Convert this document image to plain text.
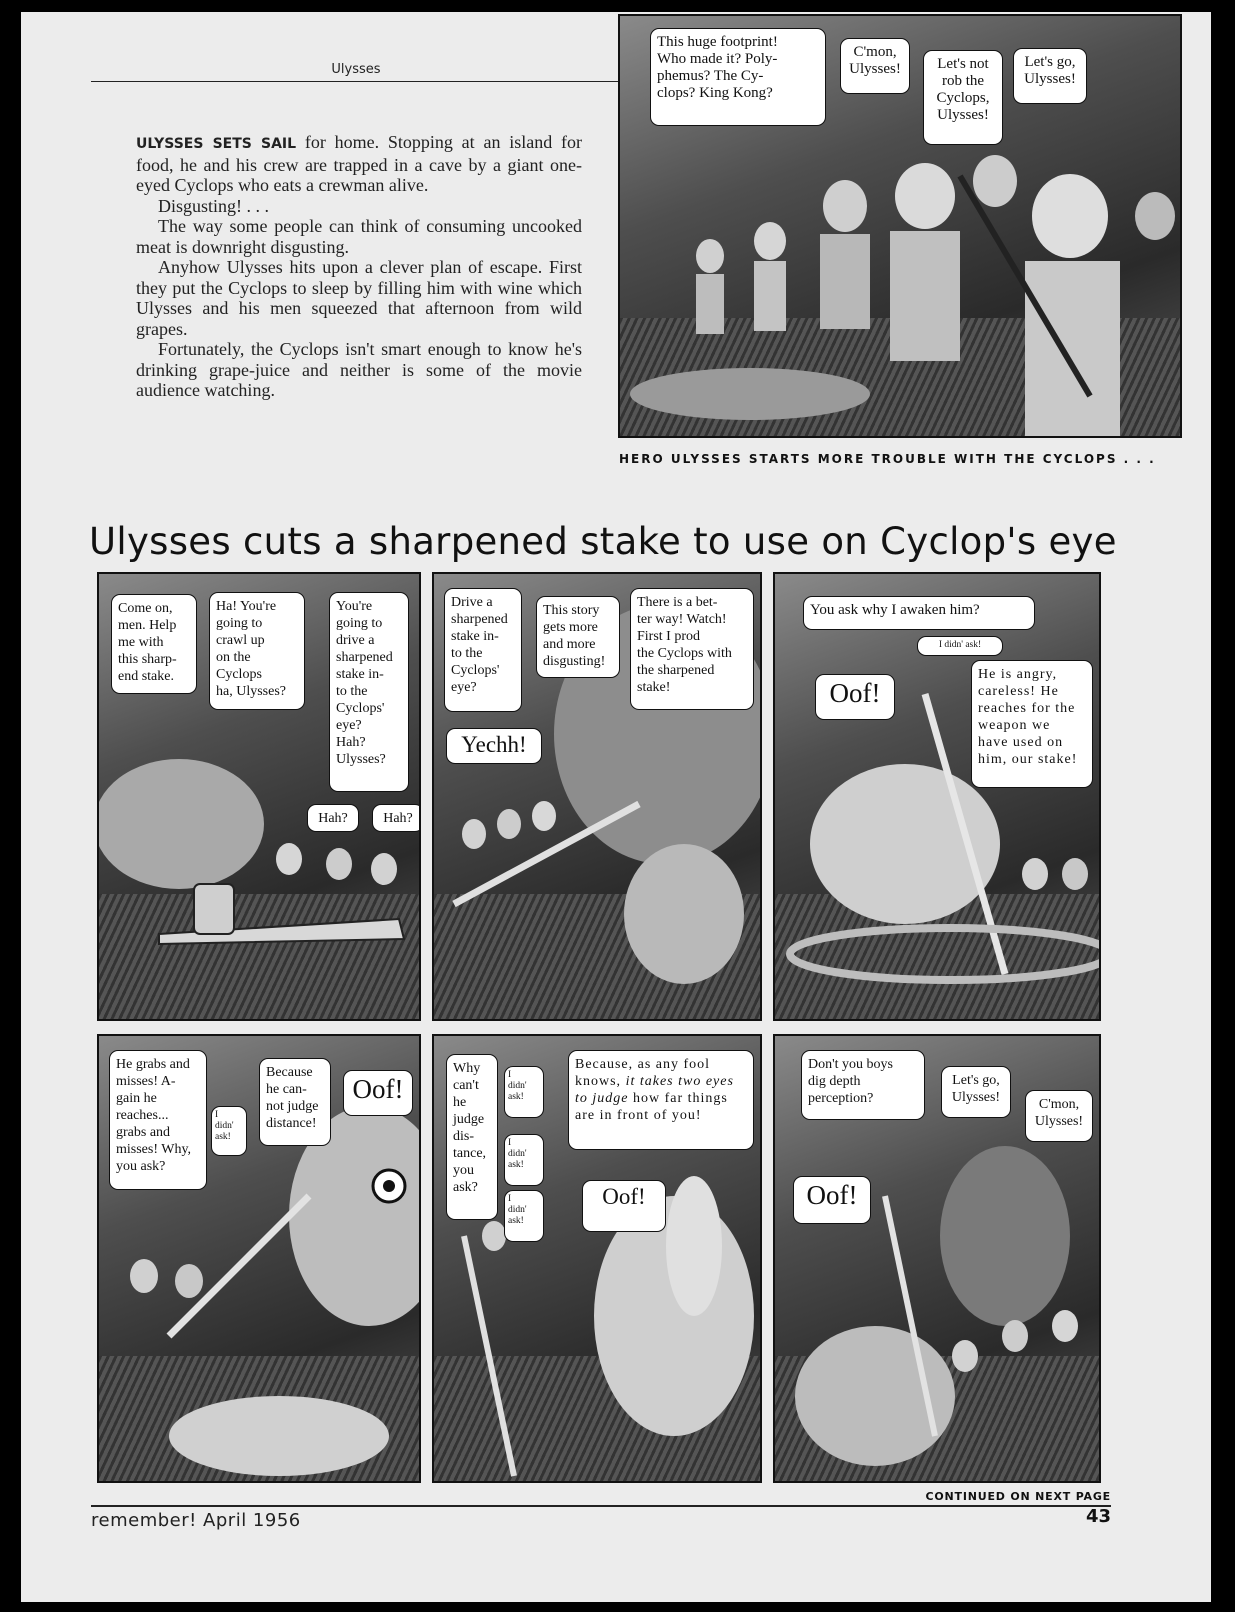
Ulysses

ULYSSES SETS SAIL for home. Stopping at an island for food, he and his crew are trapped in a cave by a giant one-eyed Cyclops who eats a crewman alive.

Disgusting! . . .

The way some people can think of consuming uncooked meat is downright disgusting.

Anyhow Ulysses hits upon a clever plan of escape. First they put the Cyclops to sleep by filling him with wine which Ulysses and his men squeezed that afternoon from wild grapes.

Fortunately, the Cyclops isn't smart enough to know he's drinking grape-juice and neither is some of the movie audience watching.

This huge footprint!
Who made it? Poly-
phemus? The Cy-
clops? King Kong?
C'mon,
Ulysses!	Let's not
rob the
Cyclops,
Ulysses!
Let's go,
Ulysses!
HERO ULYSSES STARTS MORE TROUBLE WITH THE CYCLOPS . . .
Ulysses cuts a sharpened stake to use on Cyclop's eye
Come on,
men. Help
me with
this sharp-
end stake.
Ha! You're
going to
crawl up
on the
Cyclops
ha, Ulysses?
You're
going to
drive a
sharpened
stake in-
to the
Cyclops'
eye?
Hah?
Ulysses?
Hah?	Hah?
Drive a
sharpened
stake in-
to the
Cyclops'
eye?
This story
gets more
and more
disgusting!
There is a bet-
ter way! Watch!
First I prod
the Cyclops with
the sharpened
stake!
Yechh!
You ask why I awaken him?
I didn' ask!
He is angry,
careless! He
reaches for the
weapon we
have used on
him, our stake!
Oof!
He grabs and
misses! A-
gain he
reaches...
grabs and
misses! Why,
you ask?
Because
he can-
not judge
distance!
I
didn'
ask!
Oof!
Why
can't
he
judge
dis-
tance,
you
ask?
I
didn'
ask!
I
didn'
ask!
I
didn'
ask!
Because, as any fool knows, it takes two eyes to judge how far things are in front of you!
Oof!
Don't you boys
dig depth
perception?
Let's go,
Ulysses!	C'mon,
Ulysses!
Oof!
CONTINUED ON NEXT PAGE
remember! April 1956	43
